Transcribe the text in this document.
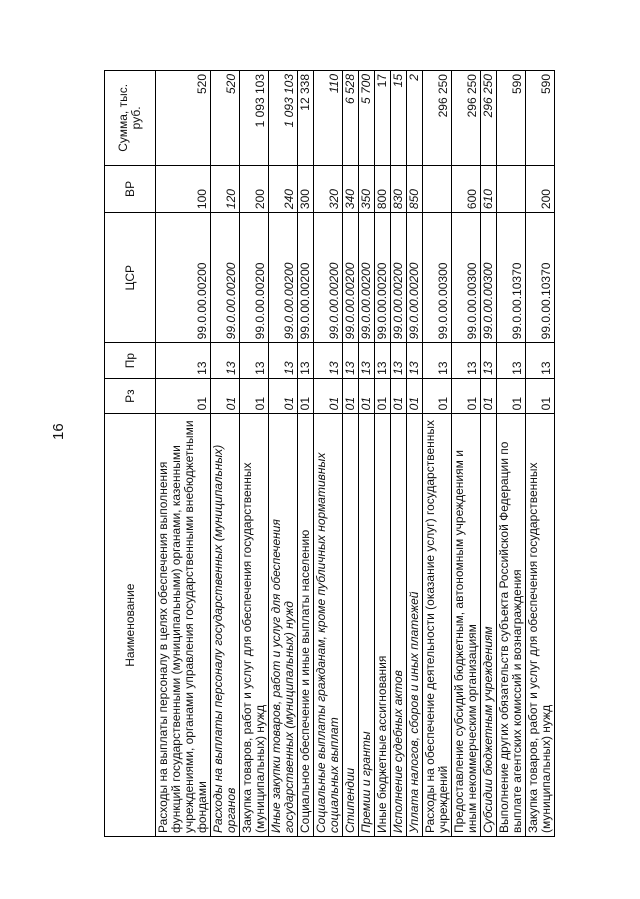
16
Наименование	Рз	Пр	ЦСР	ВР	Сумма, тыс. руб.
Расходы на выплаты персоналу в целях обеспечения выполнения функций государственными (муниципальными) органами, казенными учреждениями, органами управления государственными внебюджетными фондами	01	13	99.0.00.00200	100	520
Расходы на выплаты персоналу государственных (муниципальных) органов	01	13	99.0.00.00200	120	520
Закупка товаров, работ и услуг для обеспечения государственных (муниципальных) нужд	01	13	99.0.00.00200	200	1 093 103
Иные закупки товаров, работ и услуг для обеспечения государственных (муниципальных) нужд	01	13	99.0.00.00200	240	1 093 103
Социальное обеспечение и иные выплаты населению	01	13	99.0.00.00200	300	12 338
Социальные выплаты гражданам, кроме публичных нормативных социальных выплат	01	13	99.0.00.00200	320	110
Стипендии	01	13	99.0.00.00200	340	6 528
Премии и гранты	01	13	99.0.00.00200	350	5 700
Иные бюджетные ассигнования	01	13	99.0.00.00200	800	17
Исполнение судебных актов	01	13	99.0.00.00200	830	15
Уплата налогов, сборов и иных платежей	01	13	99.0.00.00200	850	2
Расходы на обеспечение деятельности (оказание услуг) государственных учреждений	01	13	99.0.00.00300		296 250
Предоставление субсидий бюджетным, автономным учреждениям и иным некоммерческим организациям	01	13	99.0.00.00300	600	296 250
Субсидии бюджетным учреждениям	01	13	99.0.00.00300	610	296 250
Выполнение других обязательств субъекта Российской Федерации по выплате агентских комиссий и вознаграждения	01	13	99.0.00.10370		590
Закупка товаров, работ и услуг для обеспечения государственных (муниципальных) нужд	01	13	99.0.00.10370	200	590
